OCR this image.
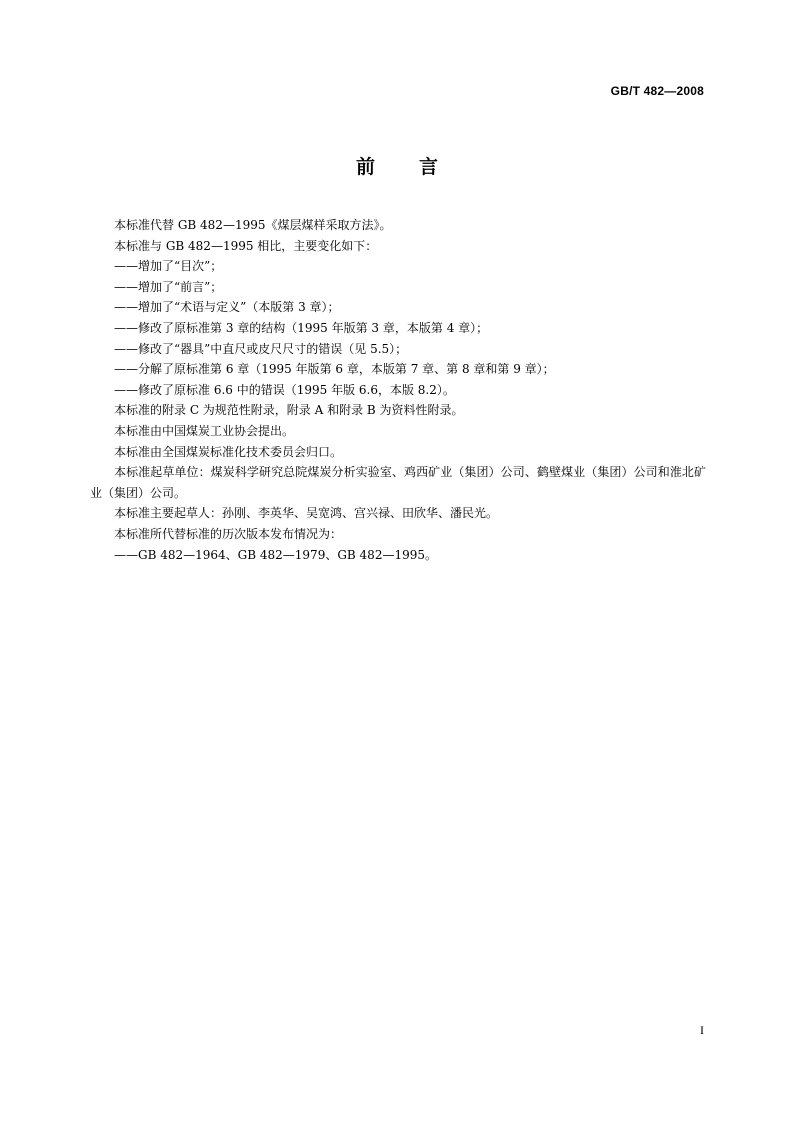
GB/T 482—2008
前言

本标准代替 GB 482—1995《煤层煤样采取方法》。

本标准与 GB 482—1995 相比，主要变化如下：

——增加了“目次”；

——增加了“前言”；

——增加了“术语与定义”（本版第 3 章）；

——修改了原标准第 3 章的结构（1995 年版第 3 章，本版第 4 章）；

——修改了“器具”中直尺或皮尺尺寸的错误（见 5.5）；

——分解了原标准第 6 章（1995 年版第 6 章，本版第 7 章、第 8 章和第 9 章）；

——修改了原标准 6.6 中的错误（1995 年版 6.6，本版 8.2）。

本标准的附录 C 为规范性附录，附录 A 和附录 B 为资料性附录。

本标准由中国煤炭工业协会提出。

本标准由全国煤炭标准化技术委员会归口。

本标准起草单位：煤炭科学研究总院煤炭分析实验室、鸡西矿业（集团）公司、鹤壁煤业（集团）公司和淮北矿业（集团）公司。

本标准主要起草人：孙刚、李英华、吴宽鸿、宫兴禄、田欣华、潘民光。

本标准所代替标准的历次版本发布情况为：

——GB 482—1964、GB 482—1979、GB 482—1995。

I
